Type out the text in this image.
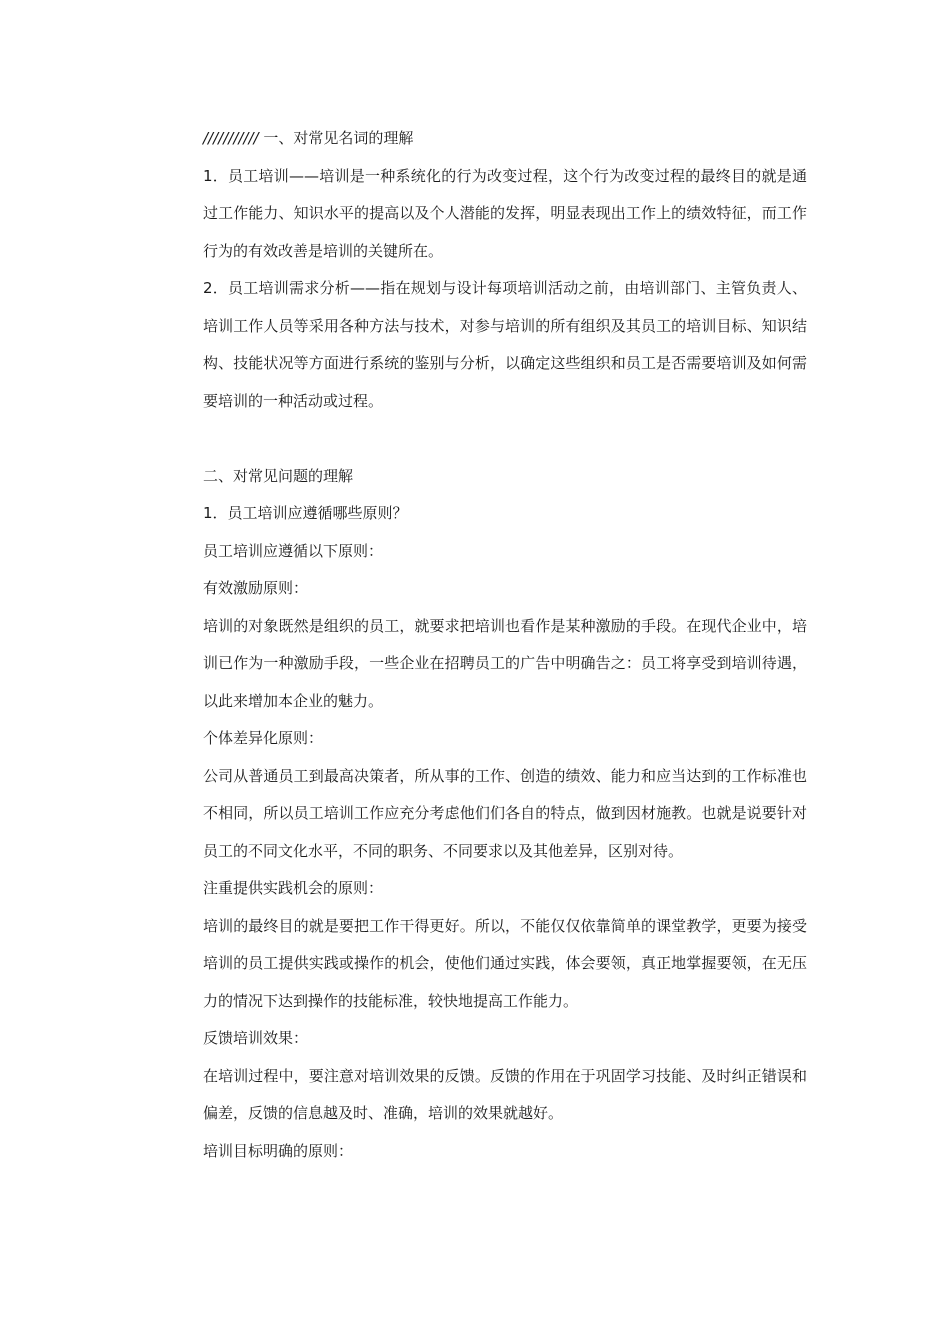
/////////// 一、对常见名词的理解

1．员工培训——培训是一种系统化的行为改变过程，这个行为改变过程的最终目的就是通过工作能力、知识水平的提高以及个人潜能的发挥，明显表现出工作上的绩效特征，而工作行为的有效改善是培训的关键所在。

2．员工培训需求分析——指在规划与设计每项培训活动之前，由培训部门、主管负责人、培训工作人员等采用各种方法与技术，对参与培训的所有组织及其员工的培训目标、知识结构、技能状况等方面进行系统的鉴别与分析，以确定这些组织和员工是否需要培训及如何需要培训的一种活动或过程。

二、对常见问题的理解

1．员工培训应遵循哪些原则？

员工培训应遵循以下原则：

有效激励原则：

培训的对象既然是组织的员工，就要求把培训也看作是某种激励的手段。在现代企业中，培训已作为一种激励手段，一些企业在招聘员工的广告中明确告之：员工将享受到培训待遇，以此来增加本企业的魅力。

个体差异化原则：

公司从普通员工到最高决策者，所从事的工作、创造的绩效、能力和应当达到的工作标准也不相同，所以员工培训工作应充分考虑他们们各自的特点，做到因材施教。也就是说要针对员工的不同文化水平，不同的职务、不同要求以及其他差异，区别对待。

注重提供实践机会的原则：

培训的最终目的就是要把工作干得更好。所以，不能仅仅依靠简单的课堂教学，更要为接受培训的员工提供实践或操作的机会，使他们通过实践，体会要领，真正地掌握要领，在无压力的情况下达到操作的技能标准，较快地提高工作能力。

反馈培训效果：

在培训过程中，要注意对培训效果的反馈。反馈的作用在于巩固学习技能、及时纠正错误和偏差，反馈的信息越及时、准确，培训的效果就越好。

培训目标明确的原则：
